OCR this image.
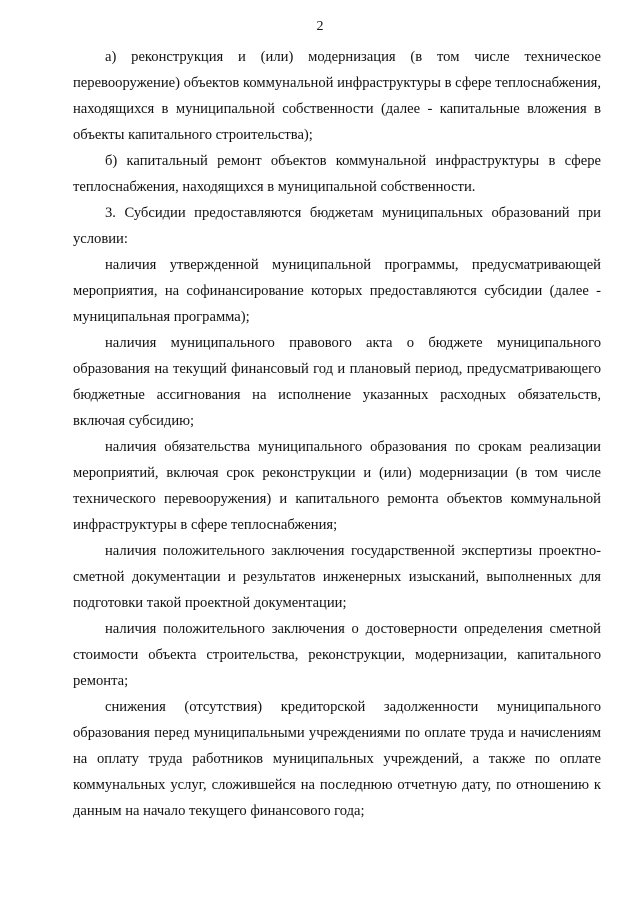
2

а) реконструкция и (или) модернизация (в том числе техническое перевооружение) объектов коммунальной инфраструктуры в сфере теплоснабжения, находящихся в муниципальной собственности (далее - капитальные вложения в объекты капитального строительства);

б) капитальный ремонт объектов коммунальной инфраструктуры в сфере теплоснабжения, находящихся в муниципальной собственности.

3. Субсидии предоставляются бюджетам муниципальных образований при условии:

наличия утвержденной муниципальной программы, предусматривающей мероприятия, на софинансирование которых предоставляются субсидии (далее - муниципальная программа);

наличия муниципального правового акта о бюджете муниципального образования на текущий финансовый год и плановый период, предусматривающего бюджетные ассигнования на исполнение указанных расходных обязательств, включая субсидию;

наличия обязательства муниципального образования по срокам реализации мероприятий, включая срок реконструкции и (или) модернизации (в том числе технического перевооружения) и капитального ремонта объектов коммунальной инфраструктуры в сфере теплоснабжения;

наличия положительного заключения государственной экспертизы проектно-сметной документации и результатов инженерных изысканий, выполненных для подготовки такой проектной документации;

наличия положительного заключения о достоверности определения сметной стоимости объекта строительства, реконструкции, модернизации, капитального ремонта;

снижения (отсутствия) кредиторской задолженности муниципального образования перед муниципальными учреждениями по оплате труда и начислениям на оплату труда работников муниципальных учреждений, а также по оплате коммунальных услуг, сложившейся на последнюю отчетную дату, по отношению к данным на начало текущего финансового года;
